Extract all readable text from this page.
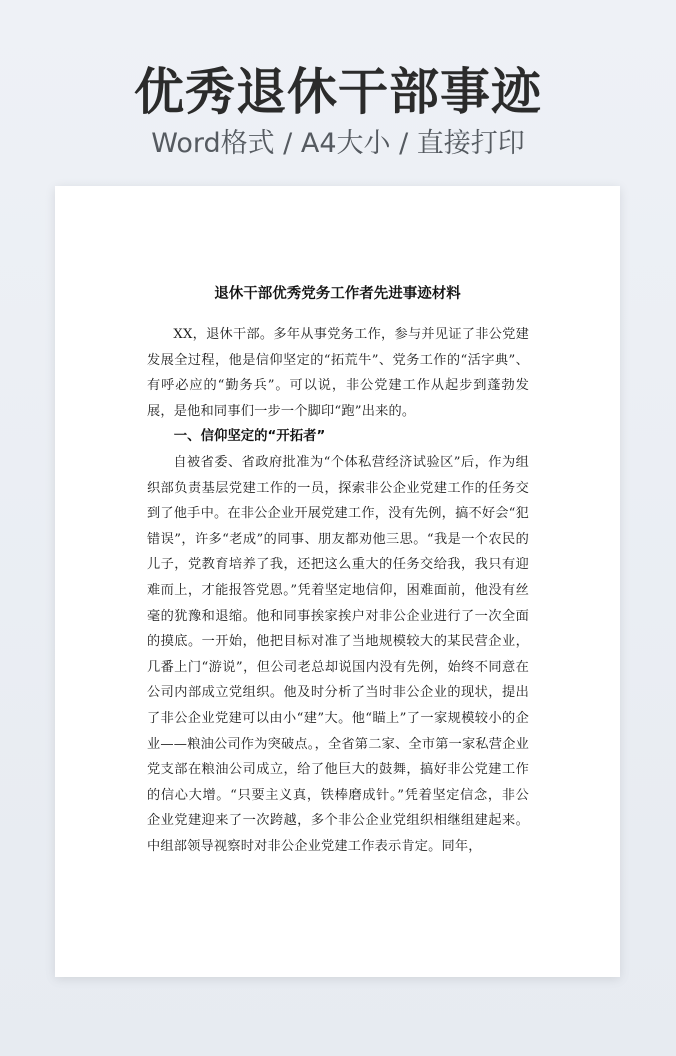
优秀退休干部事迹
Word格式 / A4大小 / 直接打印
退休干部优秀党务工作者先进事迹材料

XX，退休干部。多年从事党务工作，参与并见证了非公党建发展全过程，他是信仰坚定的“拓荒牛”、党务工作的“活字典”、有呼必应的“勤务兵”。可以说，非公党建工作从起步到蓬勃发展，是他和同事们一步一个脚印“跑”出来的。

一、信仰坚定的“开拓者”

自被省委、省政府批准为“个体私营经济试验区”后，作为组织部负责基层党建工作的一员，探索非公企业党建工作的任务交到了他手中。在非公企业开展党建工作，没有先例，搞不好会“犯错误”，许多“老成”的同事、朋友都劝他三思。“我是一个农民的儿子，党教育培养了我，还把这么重大的任务交给我，我只有迎难而上，才能报答党恩。”凭着坚定地信仰，困难面前，他没有丝毫的犹豫和退缩。他和同事挨家挨户对非公企业进行了一次全面的摸底。一开始，他把目标对准了当地规模较大的某民营企业，几番上门“游说”，但公司老总却说国内没有先例，始终不同意在公司内部成立党组织。他及时分析了当时非公企业的现状，提出了非公企业党建可以由小“建”大。他“瞄上”了一家规模较小的企业——粮油公司作为突破点。，全省第二家、全市第一家私营企业党支部在粮油公司成立，给了他巨大的鼓舞，搞好非公党建工作的信心大增。“只要主义真，铁棒磨成针。”凭着坚定信念，非公企业党建迎来了一次跨越，多个非公企业党组织相继组建起来。中组部领导视察时对非公企业党建工作表示肯定。同年，
